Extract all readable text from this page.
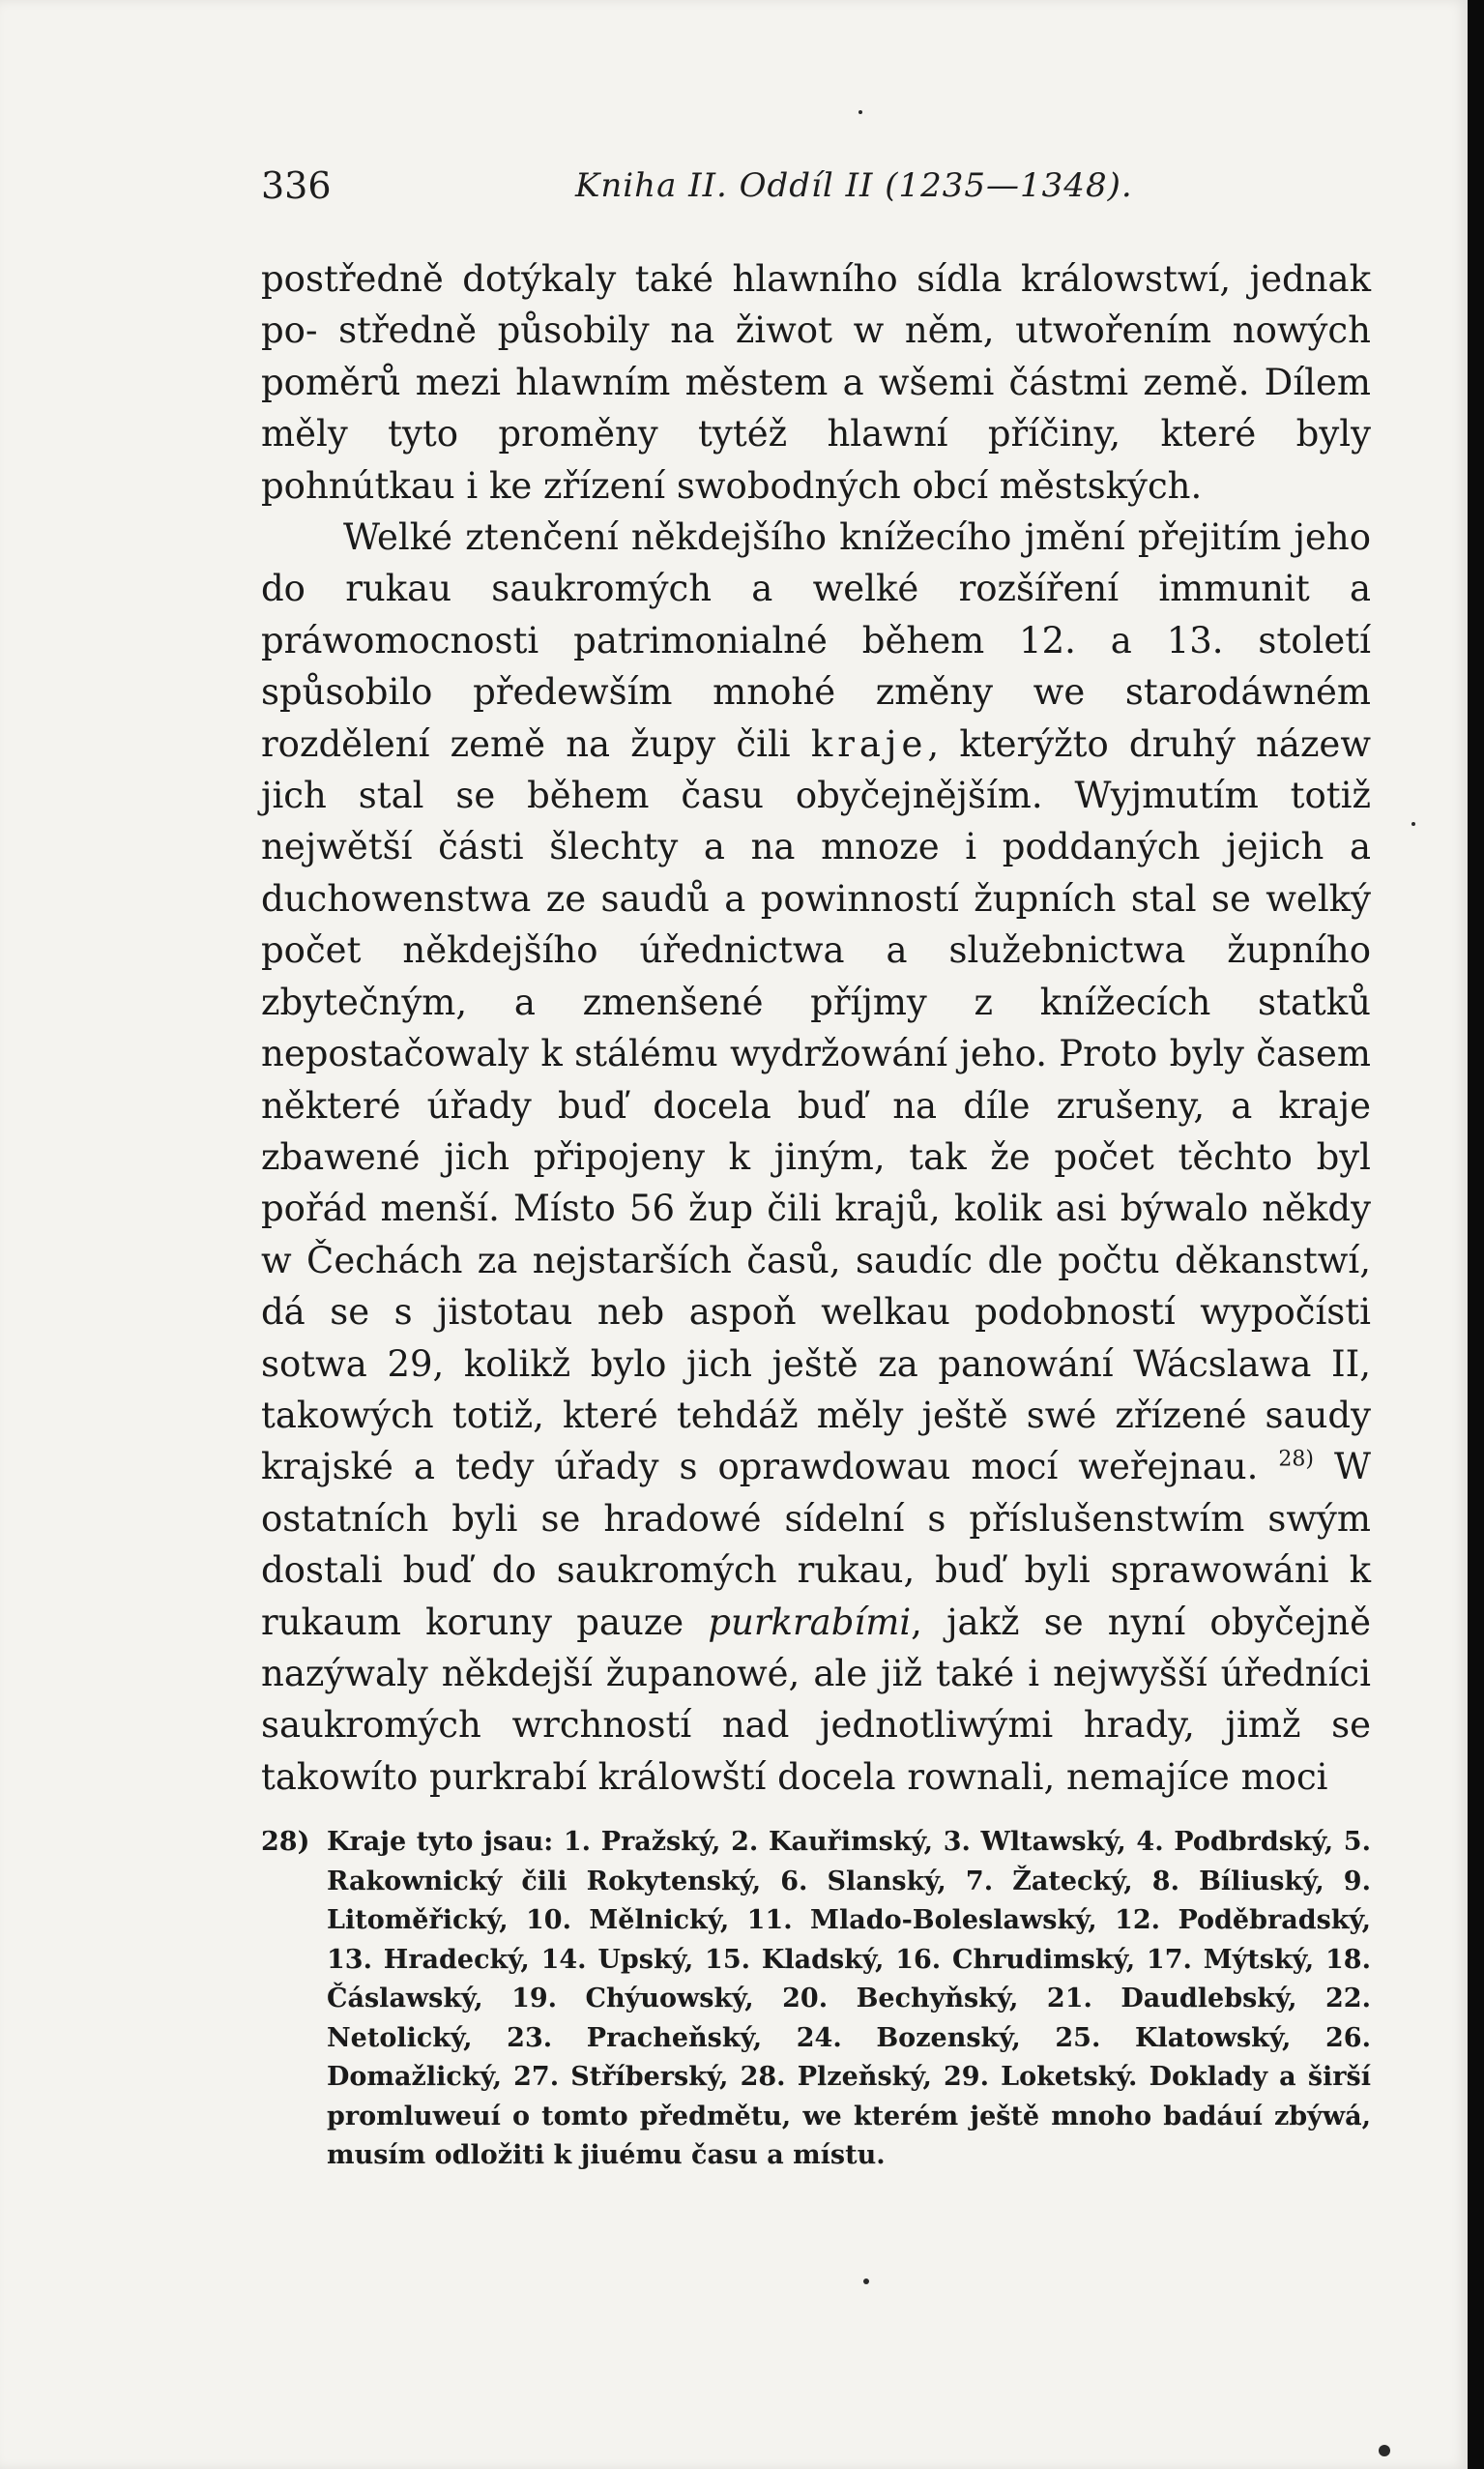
336	Kniha II. Oddíl II (1235—1348).

postředně dotýkaly také hlawního sídla králowstwí, jednak po- středně působily na žiwot w něm, utwořením nowých poměrů mezi hlawním městem a wšemi částmi země. Dílem měly tyto proměny tytéž hlawní příčiny, které byly pohnútkau i ke zřízení swobodných obcí městských.

Welké ztenčení někdejšího knížecího jmění přejitím jeho do rukau saukromých a welké rozšíření immunit a práwomocnosti patrimonialné během 12. a 13. století spůsobilo předewším mnohé změny we starodáwném rozdělení země na župy čili kraje, kterýžto druhý názew jich stal se během času obyčejnějším. Wyjmutím totiž nejwětší části šlechty a na mnoze i poddaných jejich a duchowenstwa ze saudů a powinností župních stal se welký počet někdejšího úřednictwa a služebnictwa župního zbytečným, a zmenšené příjmy z knížecích statků nepostačowaly k stálému wydržowání jeho. Proto byly časem některé úřady buď docela buď na díle zrušeny, a kraje zbawené jich připojeny k jiným, tak že počet těchto byl pořád menší. Místo 56 žup čili krajů, kolik asi býwalo někdy w Čechách za nejstarších časů, saudíc dle počtu děkanstwí, dá se s jistotau neb aspoň welkau podobností wypočísti sotwa 29, kolikž bylo jich ještě za panowání Wácslawa II, takowých totiž, které tehdáž měly ještě swé zřízené saudy krajské a tedy úřady s oprawdowau mocí weřejnau. $^{28)}$ W ostatních byli se hradowé sídelní s příslušenstwím swým dostali buď do saukromých rukau, buď byli sprawowáni k rukaum koruny pauze purkrabími, jakž se nyní obyčejně nazýwaly někdejší županowé, ale již také i nejwyšší úředníci saukromých wrchností nad jednotliwými hrady, jimž se takowíto purkrabí králowští docela rownali, nemajíce moci

28) Kraje tyto jsau: 1. Pražský, 2. Kauřimský, 3. Wltawský, 4. Podbrdský, 5. Rakownický čili Rokytenský, 6. Slanský, 7. Žatecký, 8. Bíliuský, 9. Litoměřický, 10. Mělnický, 11. Mlado-Boleslawský, 12. Poděbradský, 13. Hradecký, 14. Upský, 15. Kladský, 16. Chrudimský, 17. Mýtský, 18. Čáslawský, 19. Chýuowský, 20. Bechyňský, 21. Daudlebský, 22. Netolický, 23. Pracheňský, 24. Bozenský, 25. Klatowský, 26. Domažlický, 27. Stříberský, 28. Plzeňský, 29. Loketský. Doklady a širší promluweuí o tomto předmětu, we kterém ještě mnoho badáuí zbýwá, musím odložiti k jiuému času a místu.
